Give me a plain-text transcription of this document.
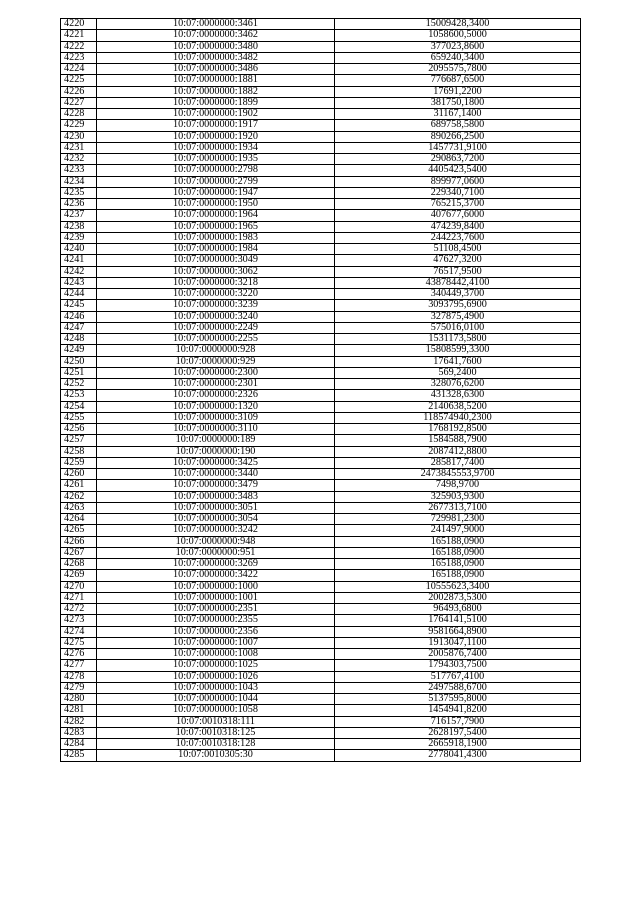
4220	10:07:0000000:3461	15009428,3400
4221	10:07:0000000:3462	1058600,5000
4222	10:07:0000000:3480	377023,8600
4223	10:07:0000000:3482	659240,3400
4224	10:07:0000000:3486	2095575,7800
4225	10:07:0000000:1881	776687,6500
4226	10:07:0000000:1882	17691,2200
4227	10:07:0000000:1899	381750,1800
4228	10:07:0000000:1902	31167,1400
4229	10:07:0000000:1917	689758,5800
4230	10:07:0000000:1920	890266,2500
4231	10:07:0000000:1934	1457731,9100
4232	10:07:0000000:1935	290863,7200
4233	10:07:0000000:2798	4405423,5400
4234	10:07:0000000:2799	899977,0600
4235	10:07:0000000:1947	229340,7100
4236	10:07:0000000:1950	765215,3700
4237	10:07:0000000:1964	407677,6000
4238	10:07:0000000:1965	474239,8400
4239	10:07:0000000:1983	244223,7600
4240	10:07:0000000:1984	51108,4500
4241	10:07:0000000:3049	47627,3200
4242	10:07:0000000:3062	76517,9500
4243	10:07:0000000:3218	43878442,4100
4244	10:07:0000000:3220	340449,3700
4245	10:07:0000000:3239	3093795,6900
4246	10:07:0000000:3240	327875,4900
4247	10:07:0000000:2249	575016,0100
4248	10:07:0000000:2255	1531173,5800
4249	10:07:0000000:928	15808599,3300
4250	10:07:0000000:929	17641,7600
4251	10:07:0000000:2300	569,2400
4252	10:07:0000000:2301	328076,6200
4253	10:07:0000000:2326	431328,6300
4254	10:07:0000000:1320	2140638,5200
4255	10:07:0000000:3109	118574940,2300
4256	10:07:0000000:3110	1768192,8500
4257	10:07:0000000:189	1584588,7900
4258	10:07:0000000:190	2087412,8800
4259	10:07:0000000:3425	285817,7400
4260	10:07:0000000:3440	2473845553,9700
4261	10:07:0000000:3479	7498,9700
4262	10:07:0000000:3483	325903,9300
4263	10:07:0000000:3051	2677313,7100
4264	10:07:0000000:3054	729981,2300
4265	10:07:0000000:3242	241497,9000
4266	10:07:0000000:948	165188,0900
4267	10:07:0000000:951	165188,0900
4268	10:07:0000000:3269	165188,0900
4269	10:07:0000000:3422	165188,0900
4270	10:07:0000000:1000	10555623,3400
4271	10:07:0000000:1001	2002873,5300
4272	10:07:0000000:2351	96493,6800
4273	10:07:0000000:2355	1764141,5100
4274	10:07:0000000:2356	9581664,8900
4275	10:07:0000000:1007	1913047,1100
4276	10:07:0000000:1008	2005876,7400
4277	10:07:0000000:1025	1794303,7500
4278	10:07:0000000:1026	517767,4100
4279	10:07:0000000:1043	2497588,6700
4280	10:07:0000000:1044	5137595,8000
4281	10:07:0000000:1058	1454941,8200
4282	10:07:0010318:111	716157,7900
4283	10:07:0010318:125	2628197,5400
4284	10:07:0010318:128	2665918,1900
4285	10:07:0010305:30	2778041,4300
